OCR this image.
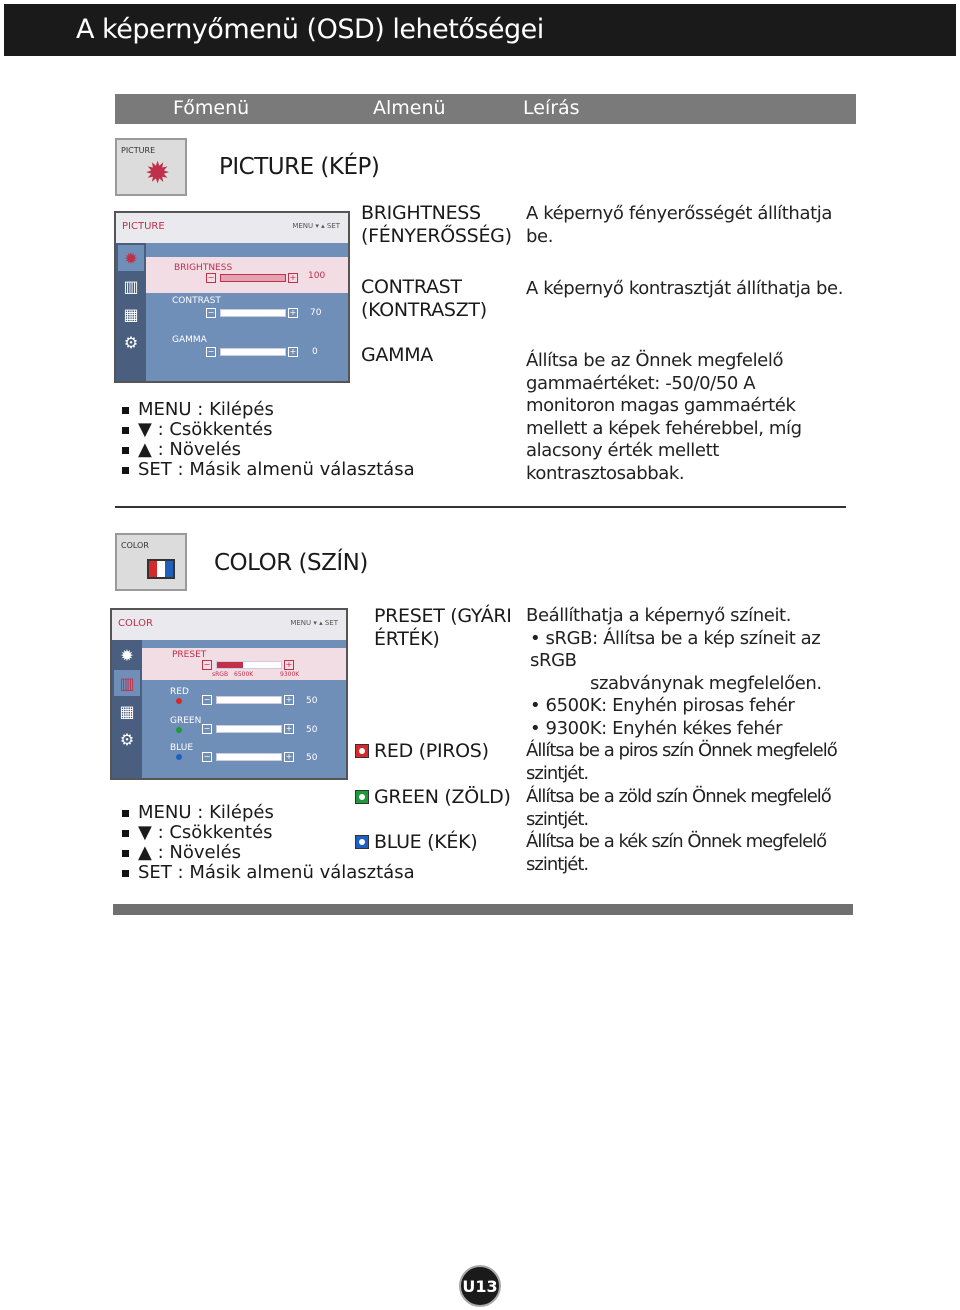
A képernyőmenü (OSD) lehetőségei
Főmenü	Almenü	Leírás
PICTURE
✹ PICTURE (KÉP)
PICTURE	MENU ▾ ▴ SET
✹
▥
▦
⚙
BRIGHTNESS
100
−	+
CONTRAST
−	+ 70
GAMMA
−	+ 0
BRIGHTNESS (FÉNYERŐSSÉG)
A képernyő fényerősségét állíthatja be.
CONTRAST (KONTRASZT)
A képernyő kontrasztját állíthatja be.
GAMMA	Állítsa be az Önnek megfelelő gammaértéket: -50/0/50 A monitoron magas gammaérték mellett a képek fehérebbel, míg alacsony érték mellett kontrasztosabbak.
MENU : Kilépés
▼ : Csökkentés
▲ : Növelés
SET : Másik almenü választása
COLOR
COLOR (SZÍN)
COLOR	MENU ▾ ▴ SET
✹
▥
▦
⚙
PRESET
−	+
sRGB 6500K	9300K
RED
−	+ 50
GREEN
−	+ 50
BLUE
−	+ 50
PRESET (GYÁRI ÉRTÉK)
Beállíthatja a képernyő színeit.
• sRGB: Állítsa be a kép színeit az sRGB
szabványnak megfelelően.
• 6500K: Enyhén pirosas fehér
• 9300K: Enyhén kékes fehér
RED (PIROS) Állítsa be a piros szín Önnek megfelelő szintjét.
GREEN (ZÖLD) Állítsa be a zöld szín Önnek megfelelő szintjét.
BLUE (KÉK)	Állítsa be a kék szín Önnek megfelelő szintjét.
MENU : Kilépés
▼ : Csökkentés
▲ : Növelés
SET : Másik almenü választása
U13
